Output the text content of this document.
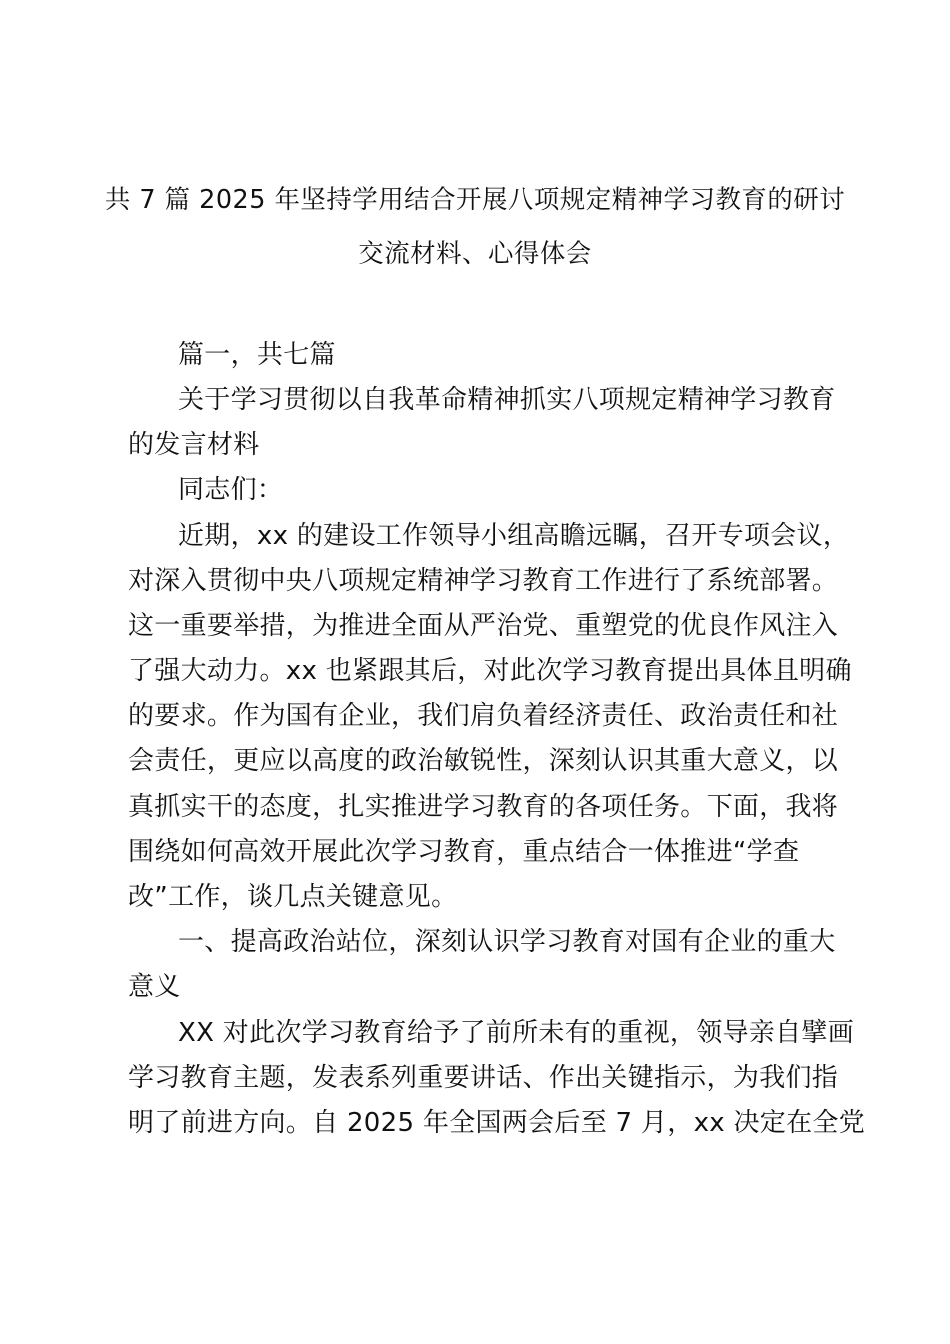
共 7 篇 2025 年坚持学用结合开展八项规定精神学习教育的研讨
交流材料、心得体会
篇一，共七篇
关于学习贯彻以自我革命精神抓实八项规定精神学习教育
的发言材料
同志们：
近期，xx 的建设工作领导小组高瞻远瞩，召开专项会议，
对深入贯彻中央八项规定精神学习教育工作进行了系统部署。
这一重要举措，为推进全面从严治党、重塑党的优良作风注入
了强大动力。xx 也紧跟其后，对此次学习教育提出具体且明确
的要求。作为国有企业，我们肩负着经济责任、政治责任和社
会责任，更应以高度的政治敏锐性，深刻认识其重大意义，以
真抓实干的态度，扎实推进学习教育的各项任务。下面，我将
围绕如何高效开展此次学习教育，重点结合一体推进“学查
改”工作，谈几点关键意见。
一、提高政治站位，深刻认识学习教育对国有企业的重大
意义
XX 对此次学习教育给予了前所未有的重视，领导亲自擘画
学习教育主题，发表系列重要讲话、作出关键指示，为我们指
明了前进方向。自 2025 年全国两会后至 7 月，xx 决定在全党
